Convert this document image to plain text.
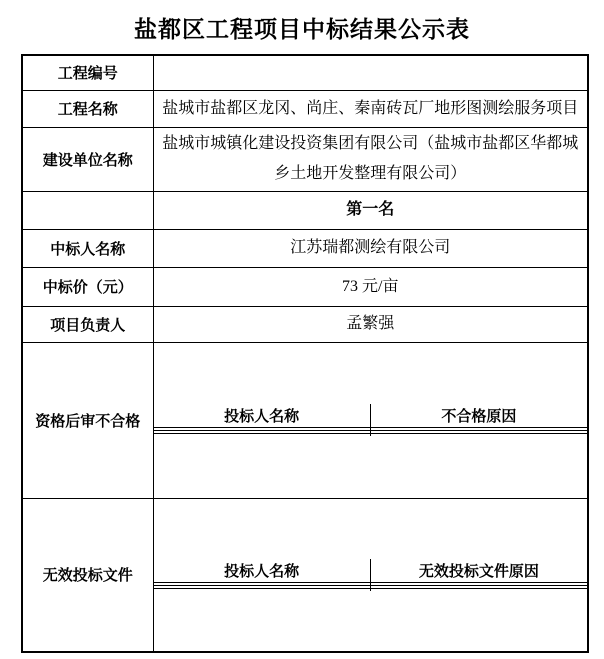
盐都区工程项目中标结果公示表
工程编号	
工程名称	盐城市盐都区龙冈、尚庄、秦南砖瓦厂地形图测绘服务项目
建设单位名称	盐城市城镇化建设投资集团有限公司（盐城市盐都区华都城乡土地开发整理有限公司）
	第一名
中标人名称	江苏瑞都测绘有限公司
中标价（元）	73 元/亩
项目负责人	孟繁强
资格后审不合格		投标人名称	不合格原因

无效投标文件		投标人名称	无效投标文件原因
